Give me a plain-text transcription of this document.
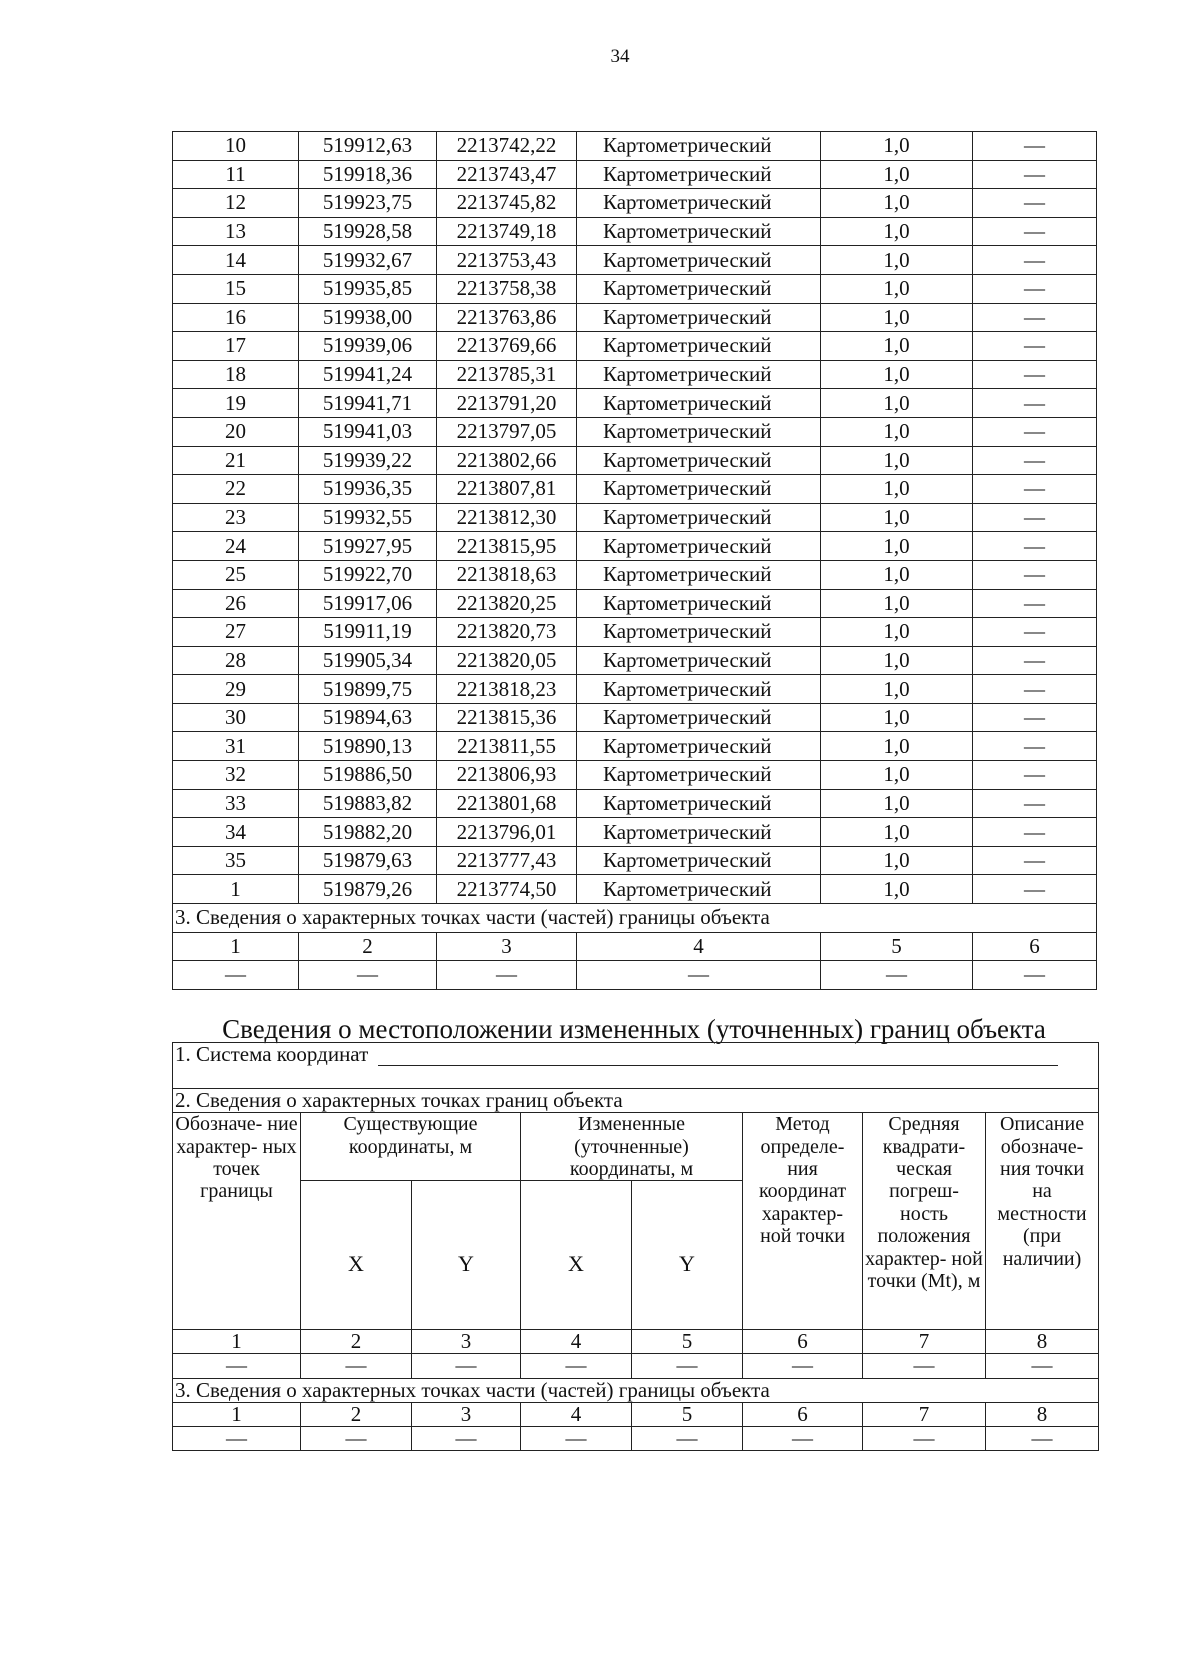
34
10	519912,63	2213742,22	Картометрический	1,0	—
11	519918,36	2213743,47	Картометрический	1,0	—
12	519923,75	2213745,82	Картометрический	1,0	—
13	519928,58	2213749,18	Картометрический	1,0	—
14	519932,67	2213753,43	Картометрический	1,0	—
15	519935,85	2213758,38	Картометрический	1,0	—
16	519938,00	2213763,86	Картометрический	1,0	—
17	519939,06	2213769,66	Картометрический	1,0	—
18	519941,24	2213785,31	Картометрический	1,0	—
19	519941,71	2213791,20	Картометрический	1,0	—
20	519941,03	2213797,05	Картометрический	1,0	—
21	519939,22	2213802,66	Картометрический	1,0	—
22	519936,35	2213807,81	Картометрический	1,0	—
23	519932,55	2213812,30	Картометрический	1,0	—
24	519927,95	2213815,95	Картометрический	1,0	—
25	519922,70	2213818,63	Картометрический	1,0	—
26	519917,06	2213820,25	Картометрический	1,0	—
27	519911,19	2213820,73	Картометрический	1,0	—
28	519905,34	2213820,05	Картометрический	1,0	—
29	519899,75	2213818,23	Картометрический	1,0	—
30	519894,63	2213815,36	Картометрический	1,0	—
31	519890,13	2213811,55	Картометрический	1,0	—
32	519886,50	2213806,93	Картометрический	1,0	—
33	519883,82	2213801,68	Картометрический	1,0	—
34	519882,20	2213796,01	Картометрический	1,0	—
35	519879,63	2213777,43	Картометрический	1,0	—
1	519879,26	2213774,50	Картометрический	1,0	—
3. Сведения о характерных точках части (частей) границы объекта					
1	2	3	4	5	6
—	—	—	—	—	—
Сведения о местоположении измененных (уточненных) границ объекта
1. Система координат							

2. Сведения о характерных точках границ объекта							
Обозначе- ние характер- ных точек границы	Существующие координаты, м		Измененные (уточненные) координаты, м		Метод определе- ния координат характер- ной точки	Средняя квадрати- ческая погреш- ность положения характер- ной точки (Mt), м	Описание обозначе- ния точки на местности (при наличии)
	X	Y	X	Y			
1	2	3	4	5	6	7	8
—	—	—	—	—	—	—	—
3. Сведения о характерных точках части (частей) границы объекта							
1	2	3	4	5	6	7	8
—	—	—	—	—	—	—	—
